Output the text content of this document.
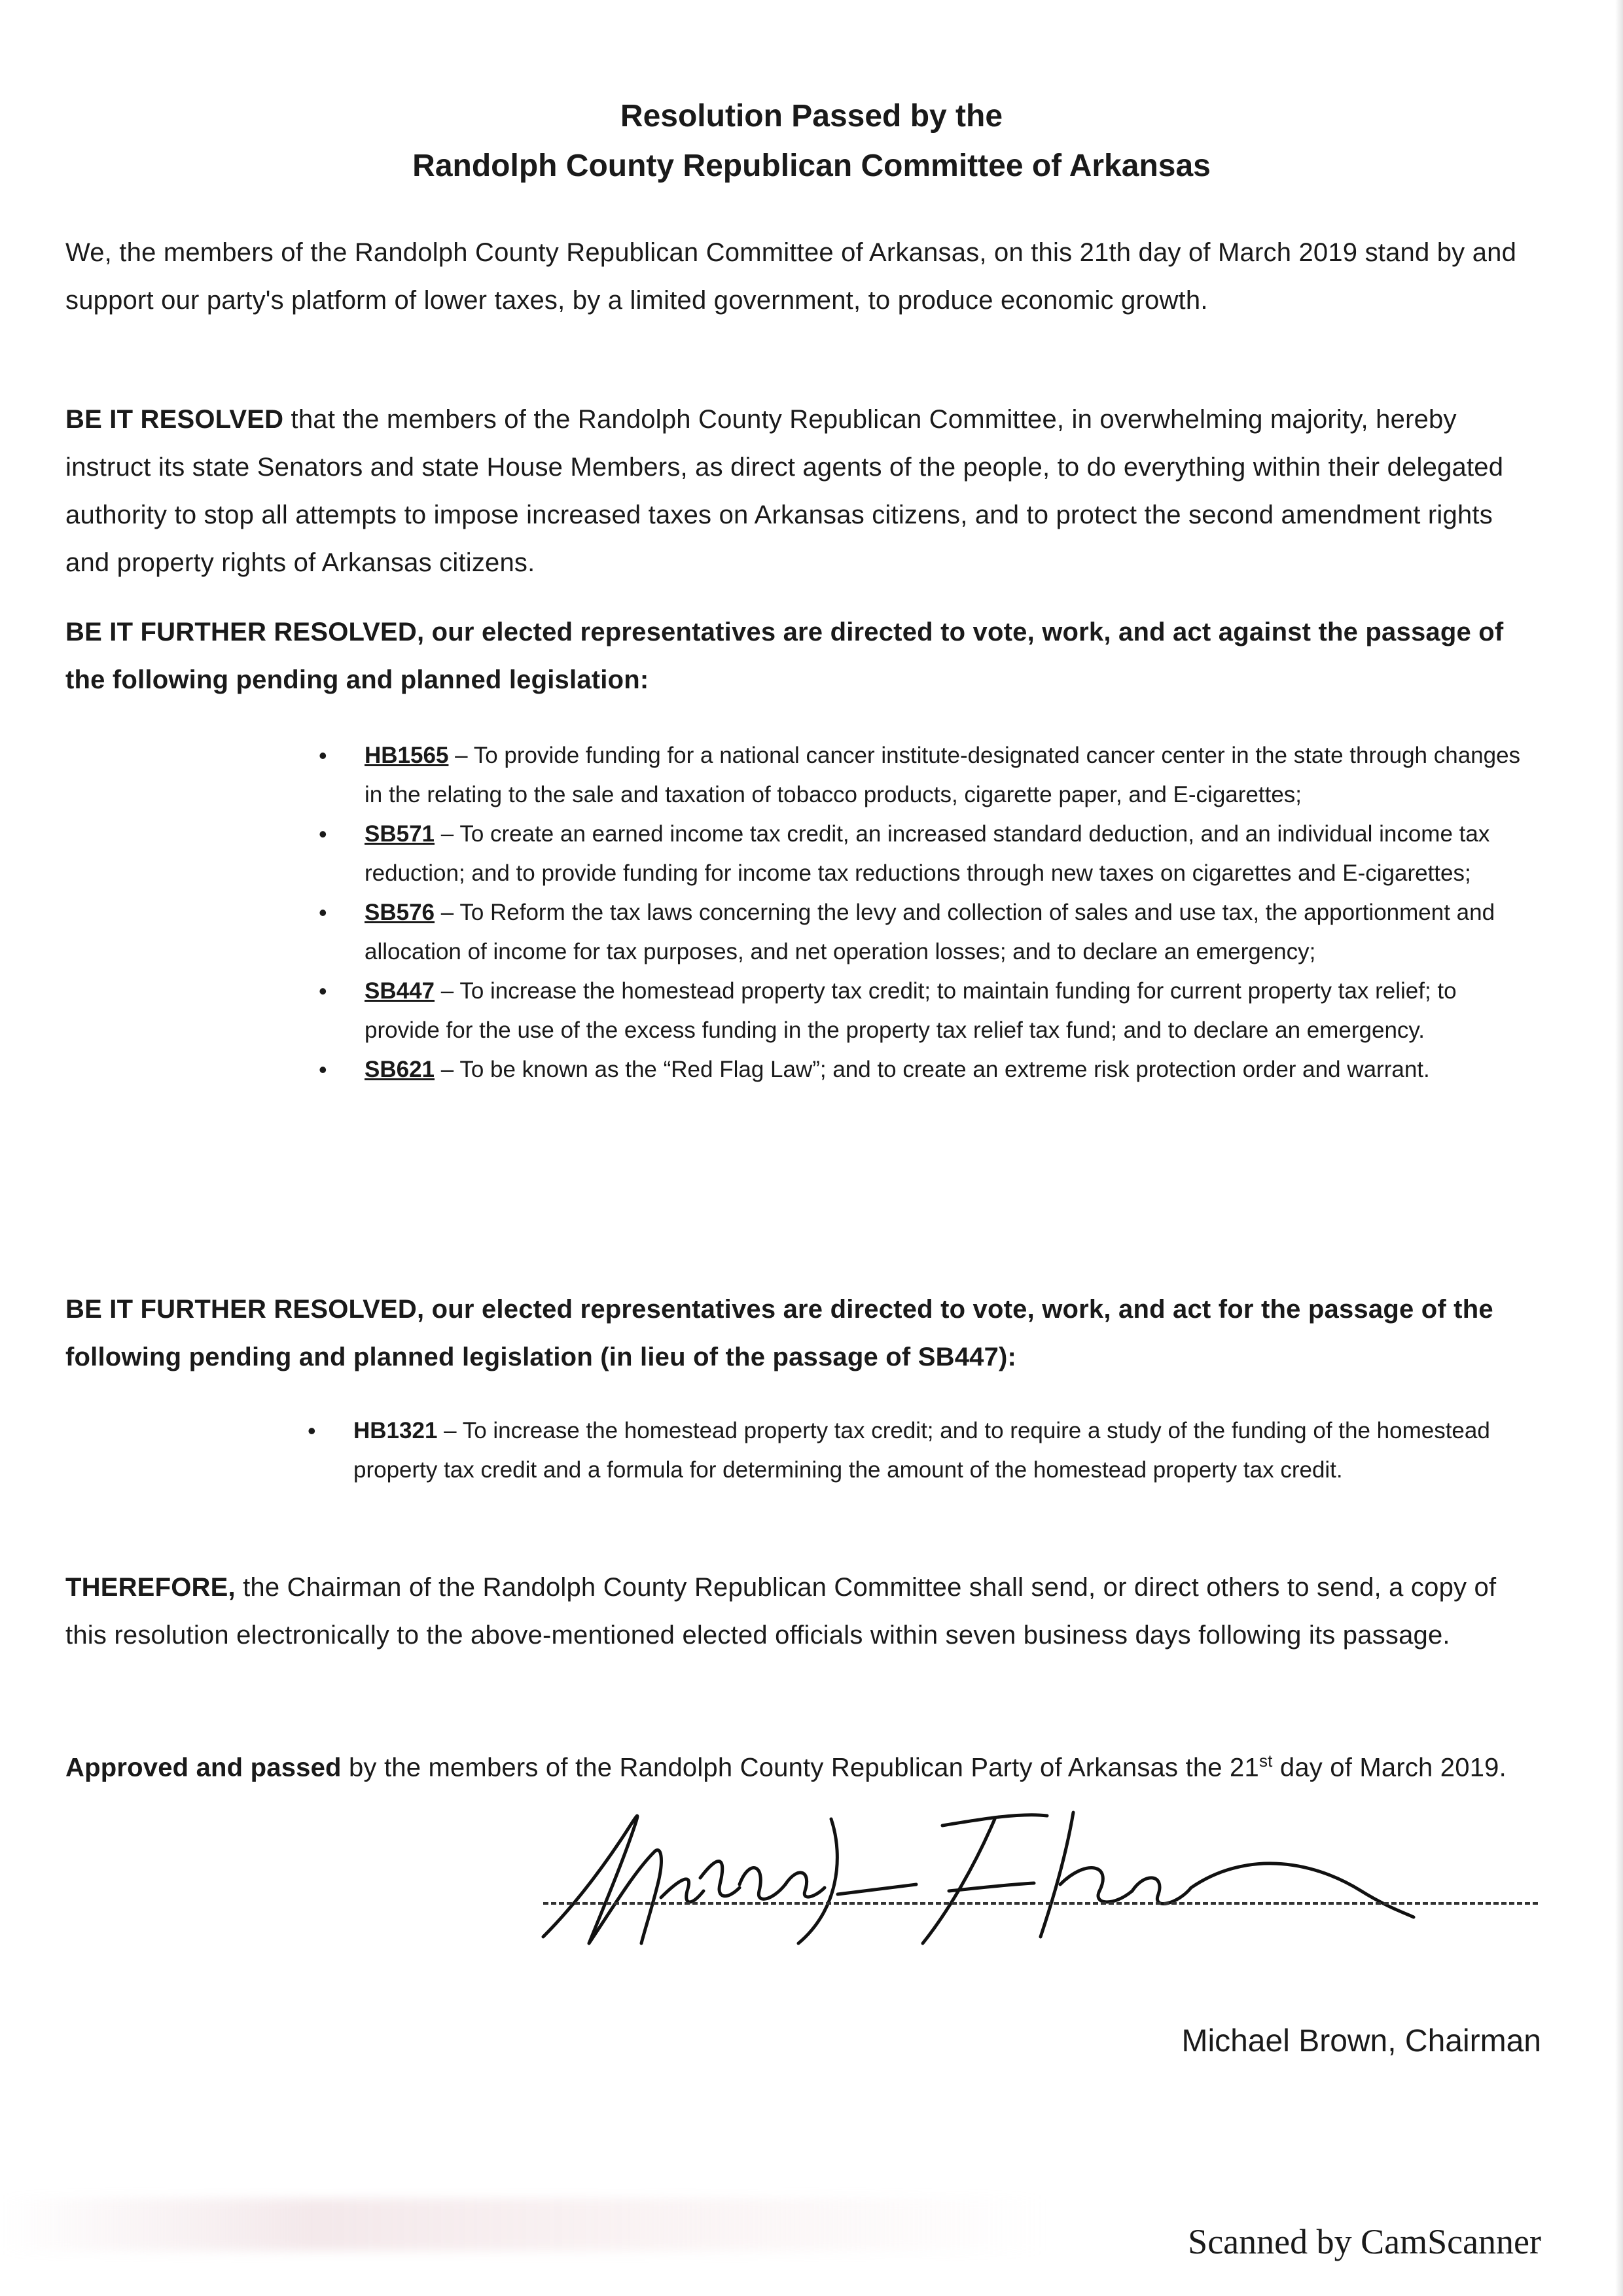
Resolution Passed by the
Randolph County Republican Committee of Arkansas
We, the members of the Randolph County Republican Committee of Arkansas, on this 21th day of March 2019 stand by and support our party's platform of lower taxes, by a limited government, to produce economic growth.
BE IT RESOLVED that the members of the Randolph County Republican Committee, in overwhelming majority, hereby instruct its state Senators and state House Members, as direct agents of the people, to do everything within their delegated authority to stop all attempts to impose increased taxes on Arkansas citizens, and to protect the second amendment rights and property rights of Arkansas citizens.
BE IT FURTHER RESOLVED, our elected representatives are directed to vote, work, and act against the passage of the following pending and planned legislation:
• HB1565 – To provide funding for a national cancer institute-designated cancer center in the state through changes in the relating to the sale and taxation of tobacco products, cigarette paper, and E-cigarettes;
• SB571 – To create an earned income tax credit, an increased standard deduction, and an individual income tax reduction; and to provide funding for income tax reductions through new taxes on cigarettes and E-cigarettes;
• SB576 – To Reform the tax laws concerning the levy and collection of sales and use tax, the apportionment and allocation of income for tax purposes, and net operation losses; and to declare an emergency;
• SB447 – To increase the homestead property tax credit; to maintain funding for current property tax relief; to provide for the use of the excess funding in the property tax relief tax fund; and to declare an emergency.
• SB621 – To be known as the “Red Flag Law”; and to create an extreme risk protection order and warrant.
BE IT FURTHER RESOLVED, our elected representatives are directed to vote, work, and act for the passage of the following pending and planned legislation (in lieu of the passage of SB447):
• HB1321 – To increase the homestead property tax credit; and to require a study of the funding of the homestead property tax credit and a formula for determining the amount of the homestead property tax credit.
THEREFORE, the Chairman of the Randolph County Republican Committee shall send, or direct others to send, a copy of this resolution electronically to the above-mentioned elected officials within seven business days following its passage.
Approved and passed by the members of the Randolph County Republican Party of Arkansas the 21st day of March 2019.
Michael Brown, Chairman
Scanned by CamScanner
